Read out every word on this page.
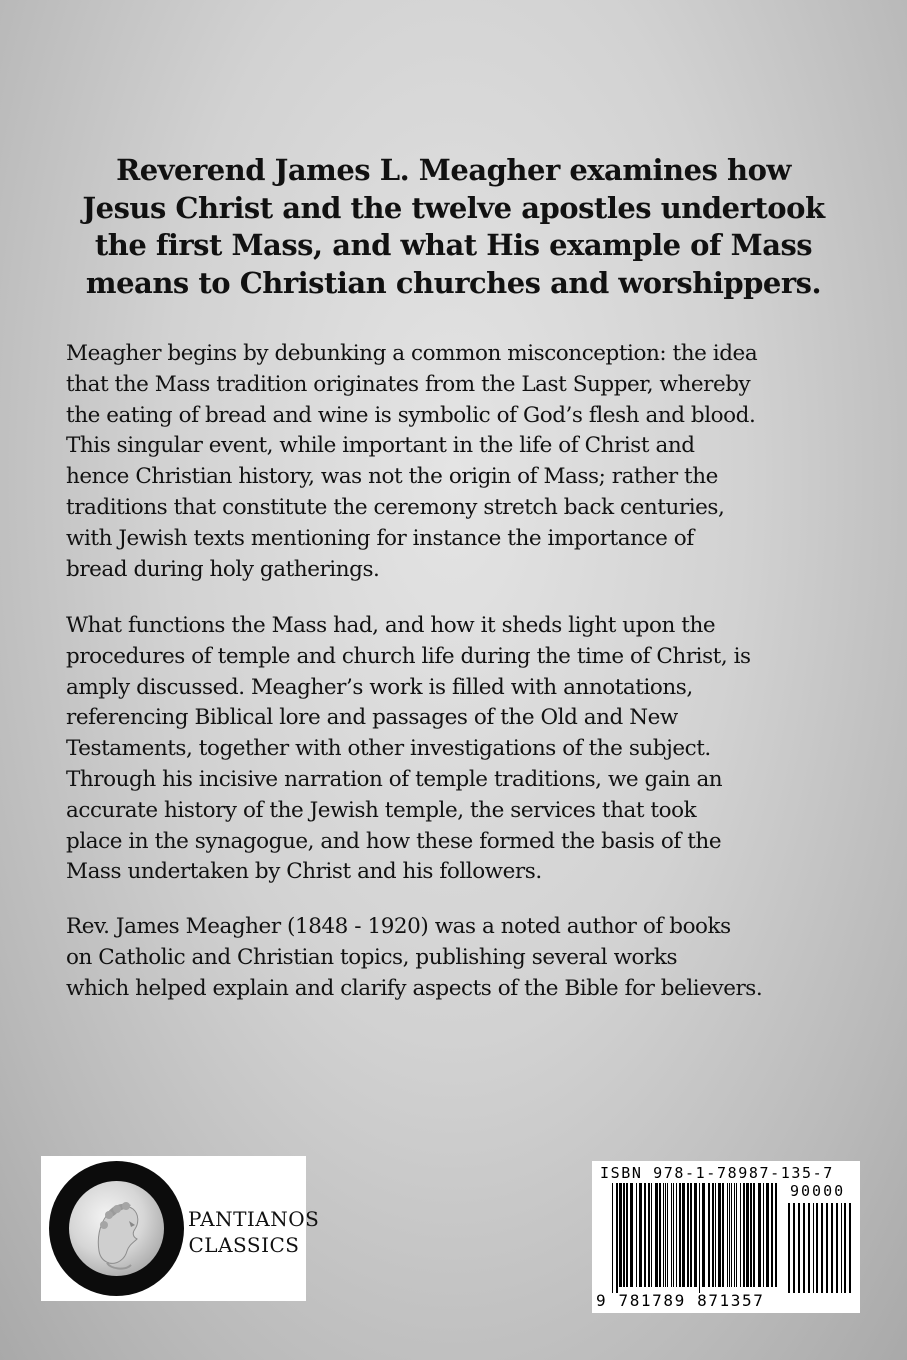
Reverend James L. Meagher examines how
Jesus Christ and the twelve apostles undertook
the first Mass, and what His example of Mass
means to Christian churches and worshippers.
Meagher begins by debunking a common misconception: the idea
that the Mass tradition originates from the Last Supper, whereby
the eating of bread and wine is symbolic of God’s flesh and blood.
This singular event, while important in the life of Christ and
hence Christian history, was not the origin of Mass; rather the
traditions that constitute the ceremony stretch back centuries,
with Jewish texts mentioning for instance the importance of
bread during holy gatherings.
What functions the Mass had, and how it sheds light upon the
procedures of temple and church life during the time of Christ, is
amply discussed. Meagher’s work is filled with annotations,
referencing Biblical lore and passages of the Old and New
Testaments, together with other investigations of the subject.
Through his incisive narration of temple traditions, we gain an
accurate history of the Jewish temple, the services that took
place in the synagogue, and how these formed the basis of the
Mass undertaken by Christ and his followers.
Rev. James Meagher (1848 - 1920) was a noted author of books
on Catholic and Christian topics, publishing several works
which helped explain and clarify aspects of the Bible for believers.
PANTIANOS
CLASSICS
ISBN 978-1-78987-135-7
90000
9 781789 871357
